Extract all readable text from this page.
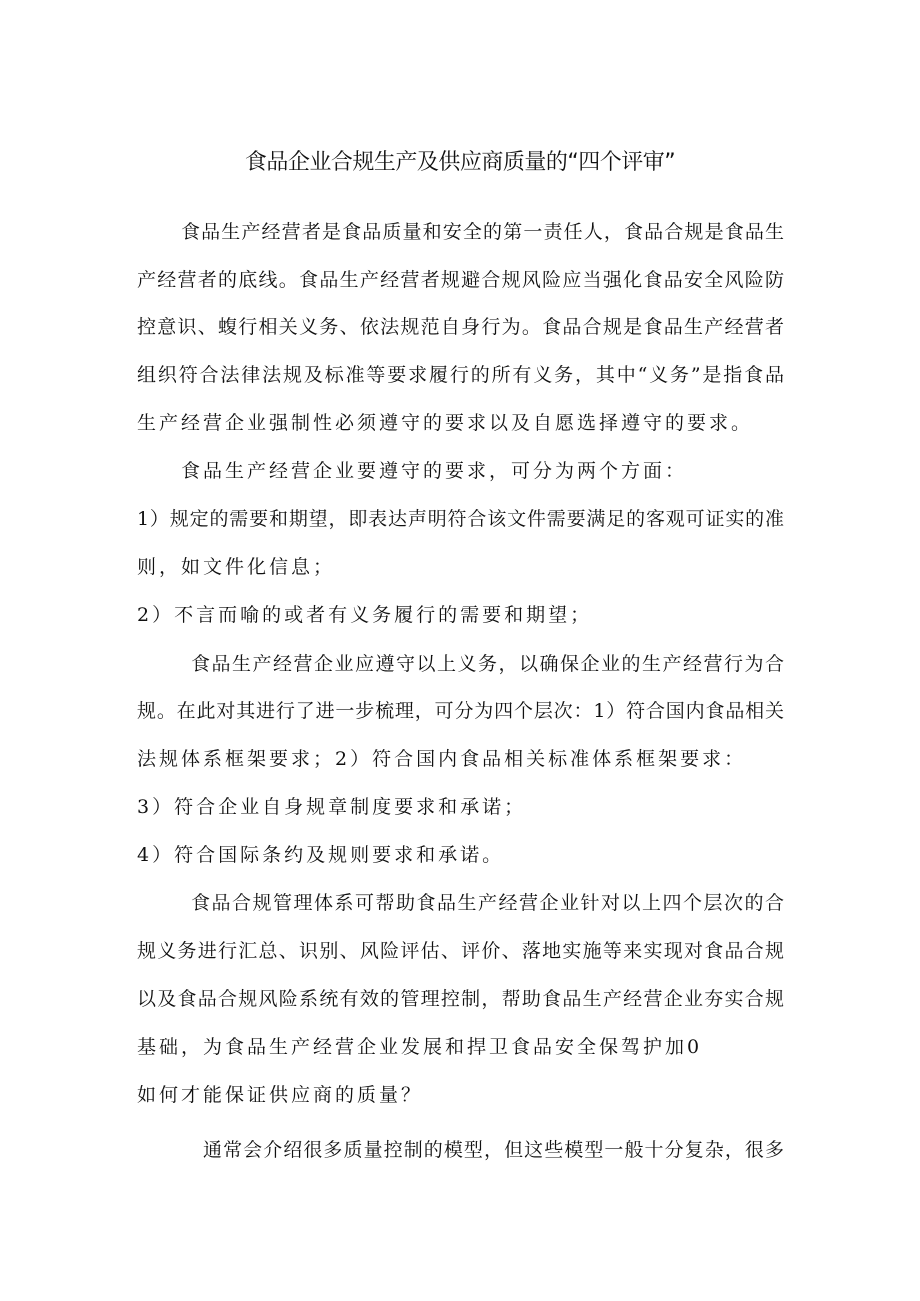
食品企业合规生产及供应商质量的“四个评审”
食品生产经营者是食品质量和安全的第一责任人，食品合规是食品生
产经营者的底线。食品生产经营者规避合规风险应当强化食品安全风险防
控意识、蝮行相关义务、依法规范自身行为。食品合规是食品生产经营者
组织符合法律法规及标准等要求履行的所有义务，其中“义务”是指食品
生产经营企业强制性必须遵守的要求以及自愿选择遵守的要求。
食品生产经营企业要遵守的要求，可分为两个方面：
1）规定的需要和期望，即表达声明符合该文件需要满足的客观可证实的准
则，如文件化信息；
2）不言而喻的或者有义务履行的需要和期望；
食品生产经营企业应遵守以上义务，以确保企业的生产经营行为合
规。在此对其进行了进一步梳理，可分为四个层次：1）符合国内食品相关
法规体系框架要求；2）符合国内食品相关标准体系框架要求：
3）符合企业自身规章制度要求和承诺；
4）符合国际条约及规则要求和承诺。
食品合规管理体系可帮助食品生产经营企业针对以上四个层次的合
规义务进行汇总、识别、风险评估、评价、落地实施等来实现对食品合规
以及食品合规风险系统有效的管理控制，帮助食品生产经营企业夯实合规
基础，为食品生产经营企业发展和捍卫食品安全保驾护加0
如何才能保证供应商的质量？
通常会介绍很多质量控制的模型，但这些模型一般十分复杂，很多
